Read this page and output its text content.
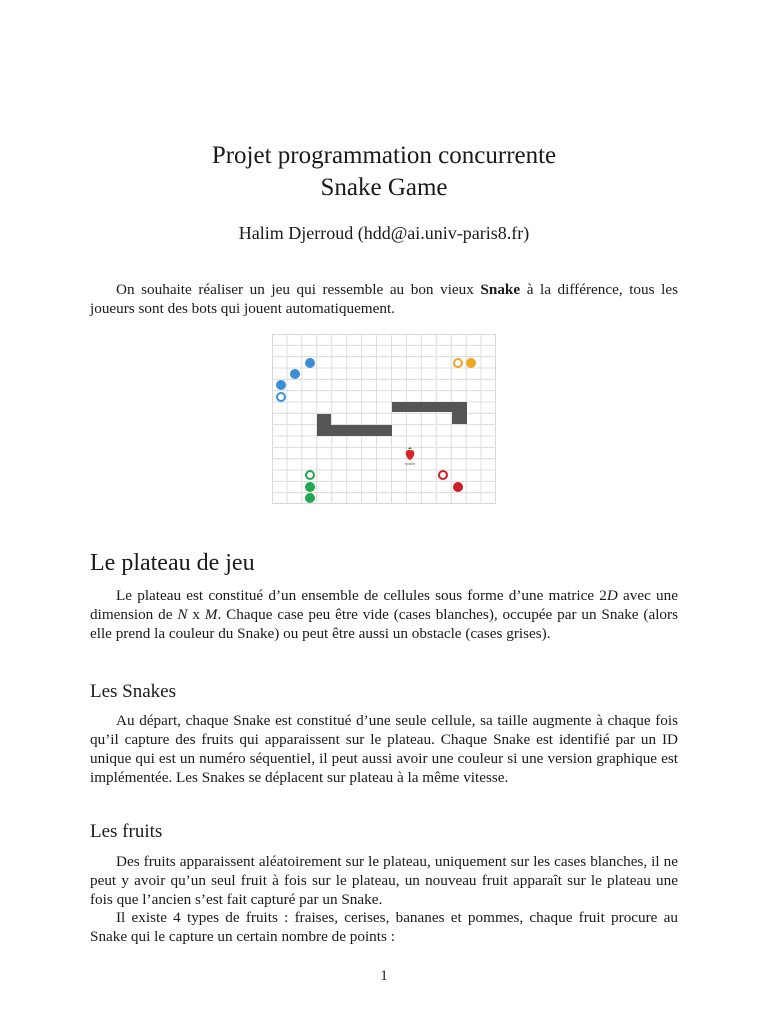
Projet programmation concurrente
Snake Game
Halim Djerroud (hdd@ai.univ-paris8.fr)

On souhaite réaliser un jeu qui ressemble au bon vieux Snake à la différence, tous les joueurs sont des bots qui jouent automatiquement.

snake
Le plateau de jeu

Le plateau est constitué d’un ensemble de cellules sous forme d’une matrice 2D avec une dimension de N x M. Chaque case peu être vide (cases blanches), occupée par un Snake (alors elle prend la couleur du Snake) ou peut être aussi un obstacle (cases grises).

Les Snakes

Au départ, chaque Snake est constitué d’une seule cellule, sa taille augmente à chaque fois qu’il capture des fruits qui apparaissent sur le plateau. Chaque Snake est identifié par un ID unique qui est un numéro séquentiel, il peut aussi avoir une couleur si une version graphique est implémentée. Les Snakes se déplacent sur plateau à la même vitesse.

Les fruits

Des fruits apparaissent aléatoirement sur le plateau, uniquement sur les cases blanches, il ne peut y avoir qu’un seul fruit à fois sur le plateau, un nouveau fruit apparaît sur le plateau une fois que l’ancien s’est fait capturé par un Snake.

Il existe 4 types de fruits : fraises, cerises, bananes et pommes, chaque fruit procure au Snake qui le capture un certain nombre de points :

1
